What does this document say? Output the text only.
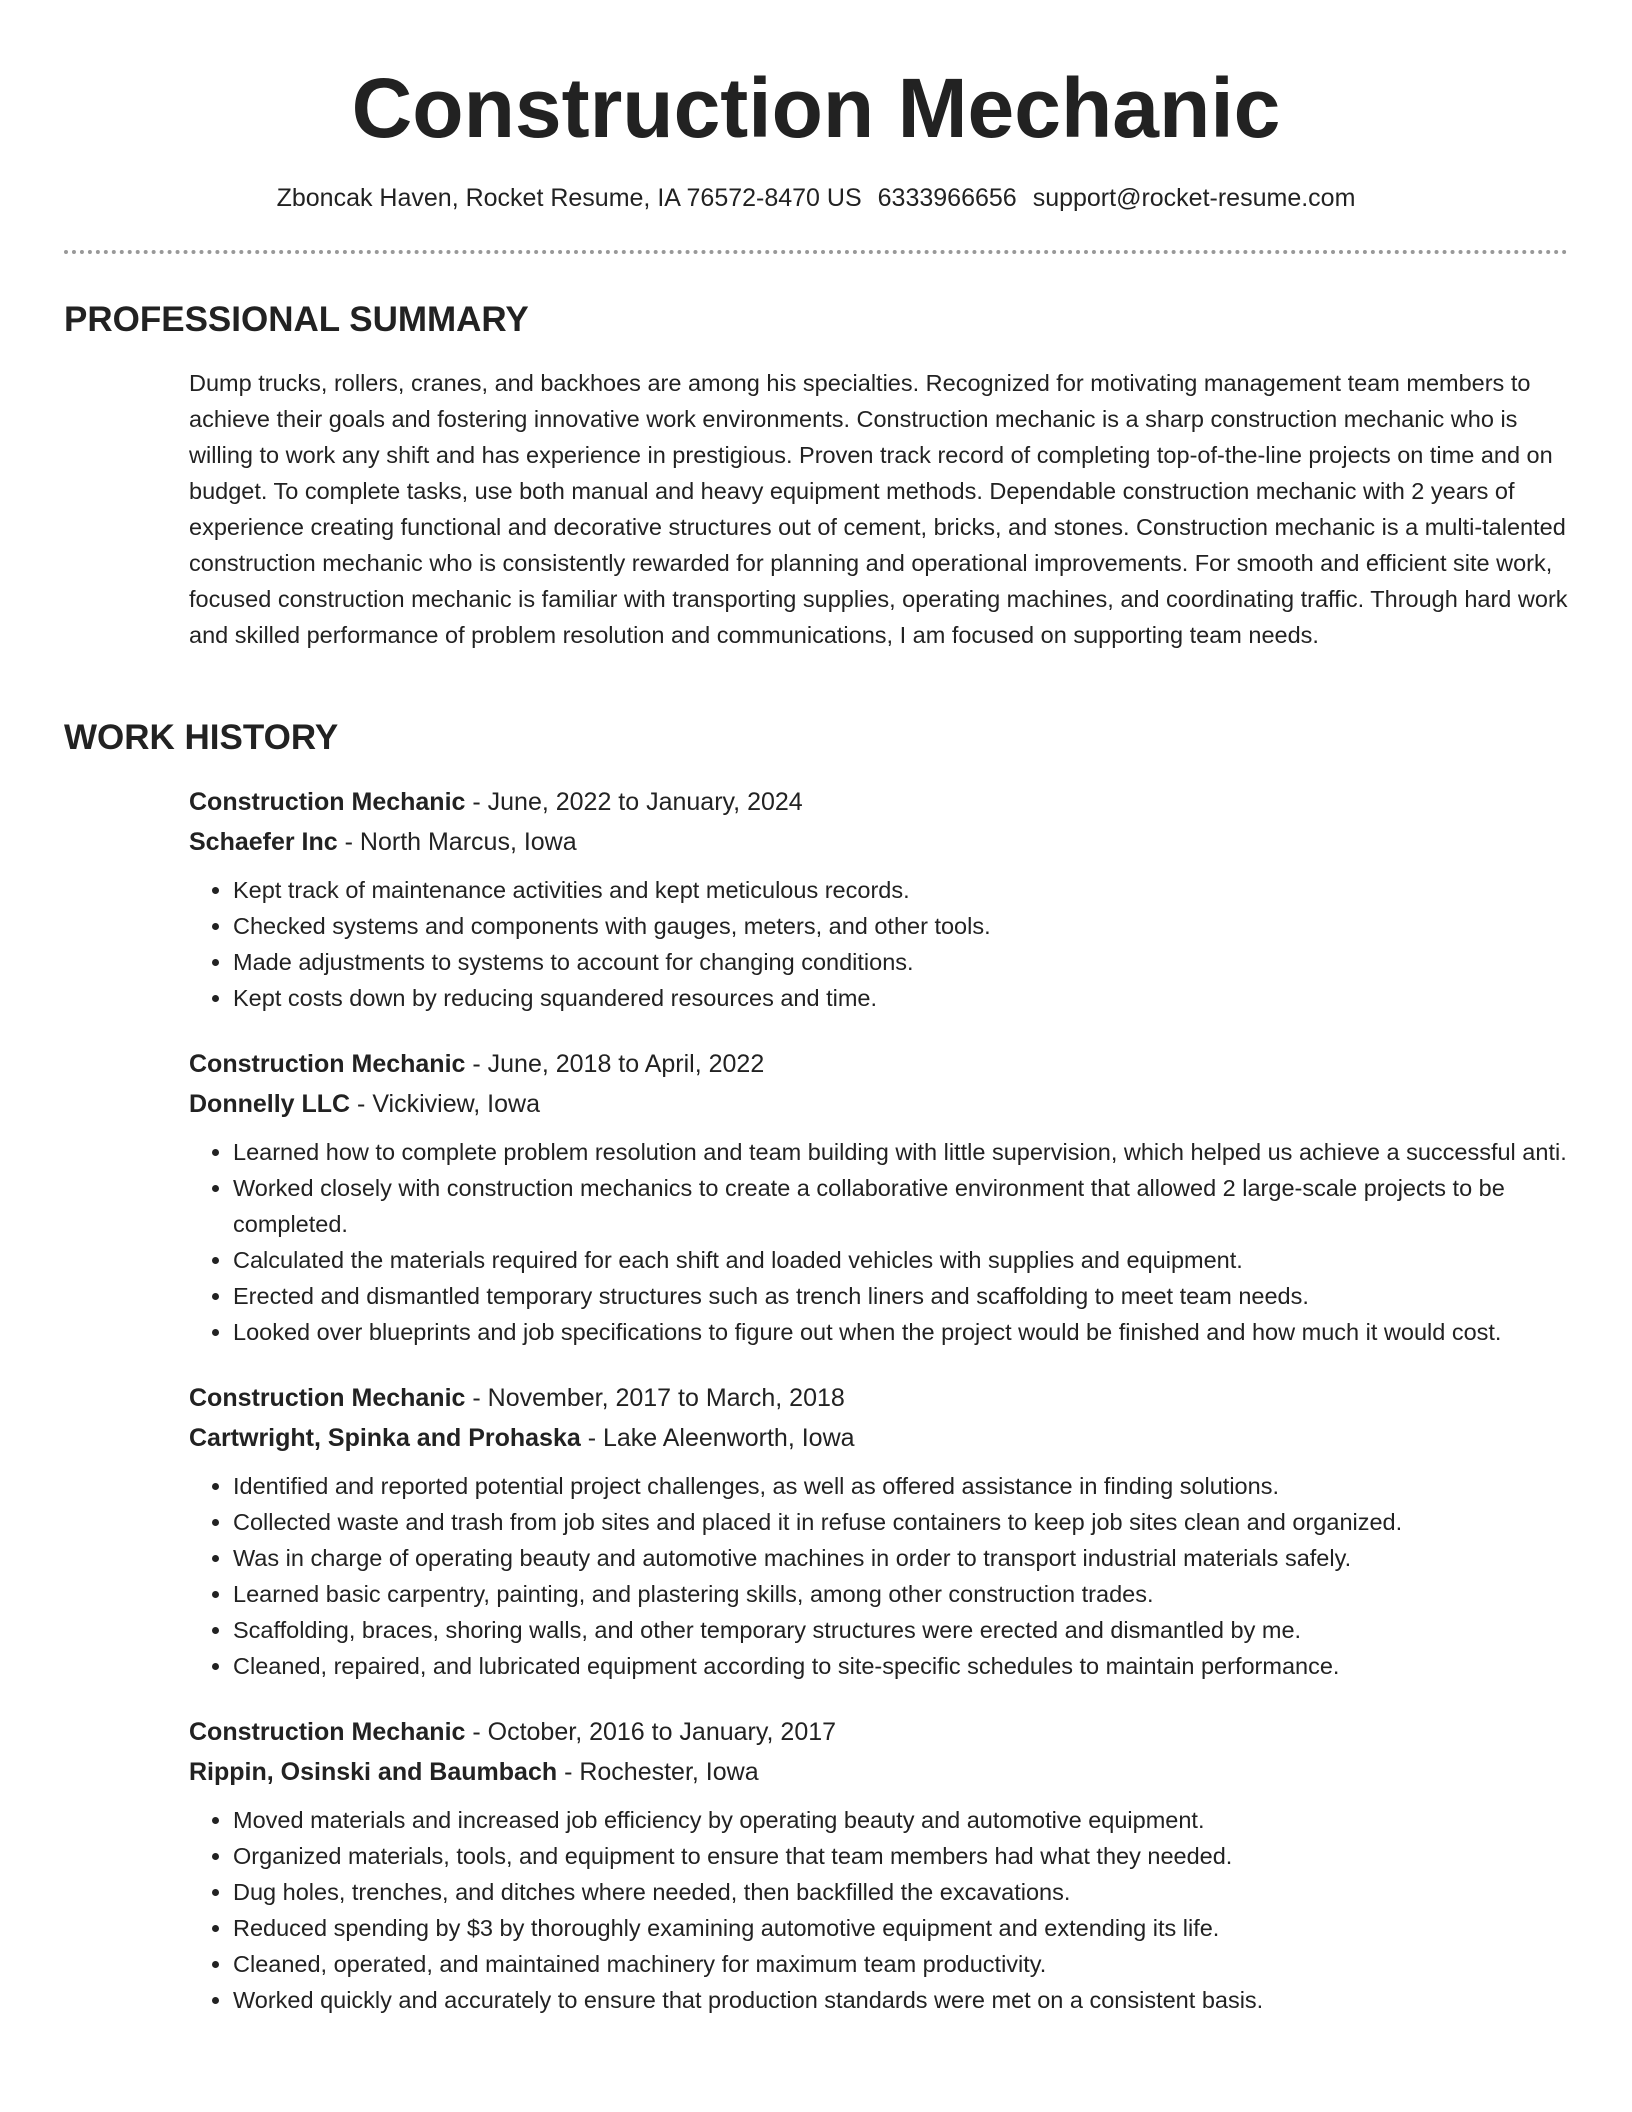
Construction Mechanic
Zboncak Haven, Rocket Resume, IA 76572-8470 US 6333966656 support@rocket-resume.com
PROFESSIONAL SUMMARY

Dump trucks, rollers, cranes, and backhoes are among his specialties. Recognized for motivating management team members to achieve their goals and fostering innovative work environments. Construction mechanic is a sharp construction mechanic who is willing to work any shift and has experience in prestigious. Proven track record of completing top-of-the-line projects on time and on budget. To complete tasks, use both manual and heavy equipment methods. Dependable construction mechanic with 2 years of experience creating functional and decorative structures out of cement, bricks, and stones. Construction mechanic is a multi-talented construction mechanic who is consistently rewarded for planning and operational improvements. For smooth and efficient site work, focused construction mechanic is familiar with transporting supplies, operating machines, and coordinating traffic. Through hard work and skilled performance of problem resolution and communications, I am focused on supporting team needs.

WORK HISTORY
Construction Mechanic - June, 2022 to January, 2024
Schaefer Inc - North Marcus, Iowa
• Kept track of maintenance activities and kept meticulous records.
• Checked systems and components with gauges, meters, and other tools.
• Made adjustments to systems to account for changing conditions.
• Kept costs down by reducing squandered resources and time.
Construction Mechanic - June, 2018 to April, 2022
Donnelly LLC - Vickiview, Iowa
• Learned how to complete problem resolution and team building with little supervision, which helped us achieve a successful anti.
• Worked closely with construction mechanics to create a collaborative environment that allowed 2 large-scale projects to be completed.
• Calculated the materials required for each shift and loaded vehicles with supplies and equipment.
• Erected and dismantled temporary structures such as trench liners and scaffolding to meet team needs.
• Looked over blueprints and job specifications to figure out when the project would be finished and how much it would cost.
Construction Mechanic - November, 2017 to March, 2018
Cartwright, Spinka and Prohaska - Lake Aleenworth, Iowa
• Identified and reported potential project challenges, as well as offered assistance in finding solutions.
• Collected waste and trash from job sites and placed it in refuse containers to keep job sites clean and organized.
• Was in charge of operating beauty and automotive machines in order to transport industrial materials safely.
• Learned basic carpentry, painting, and plastering skills, among other construction trades.
• Scaffolding, braces, shoring walls, and other temporary structures were erected and dismantled by me.
• Cleaned, repaired, and lubricated equipment according to site-specific schedules to maintain performance.
Construction Mechanic - October, 2016 to January, 2017
Rippin, Osinski and Baumbach - Rochester, Iowa
• Moved materials and increased job efficiency by operating beauty and automotive equipment.
• Organized materials, tools, and equipment to ensure that team members had what they needed.
• Dug holes, trenches, and ditches where needed, then backfilled the excavations.
• Reduced spending by $3 by thoroughly examining automotive equipment and extending its life.
• Cleaned, operated, and maintained machinery for maximum team productivity.
• Worked quickly and accurately to ensure that production standards were met on a consistent basis.
